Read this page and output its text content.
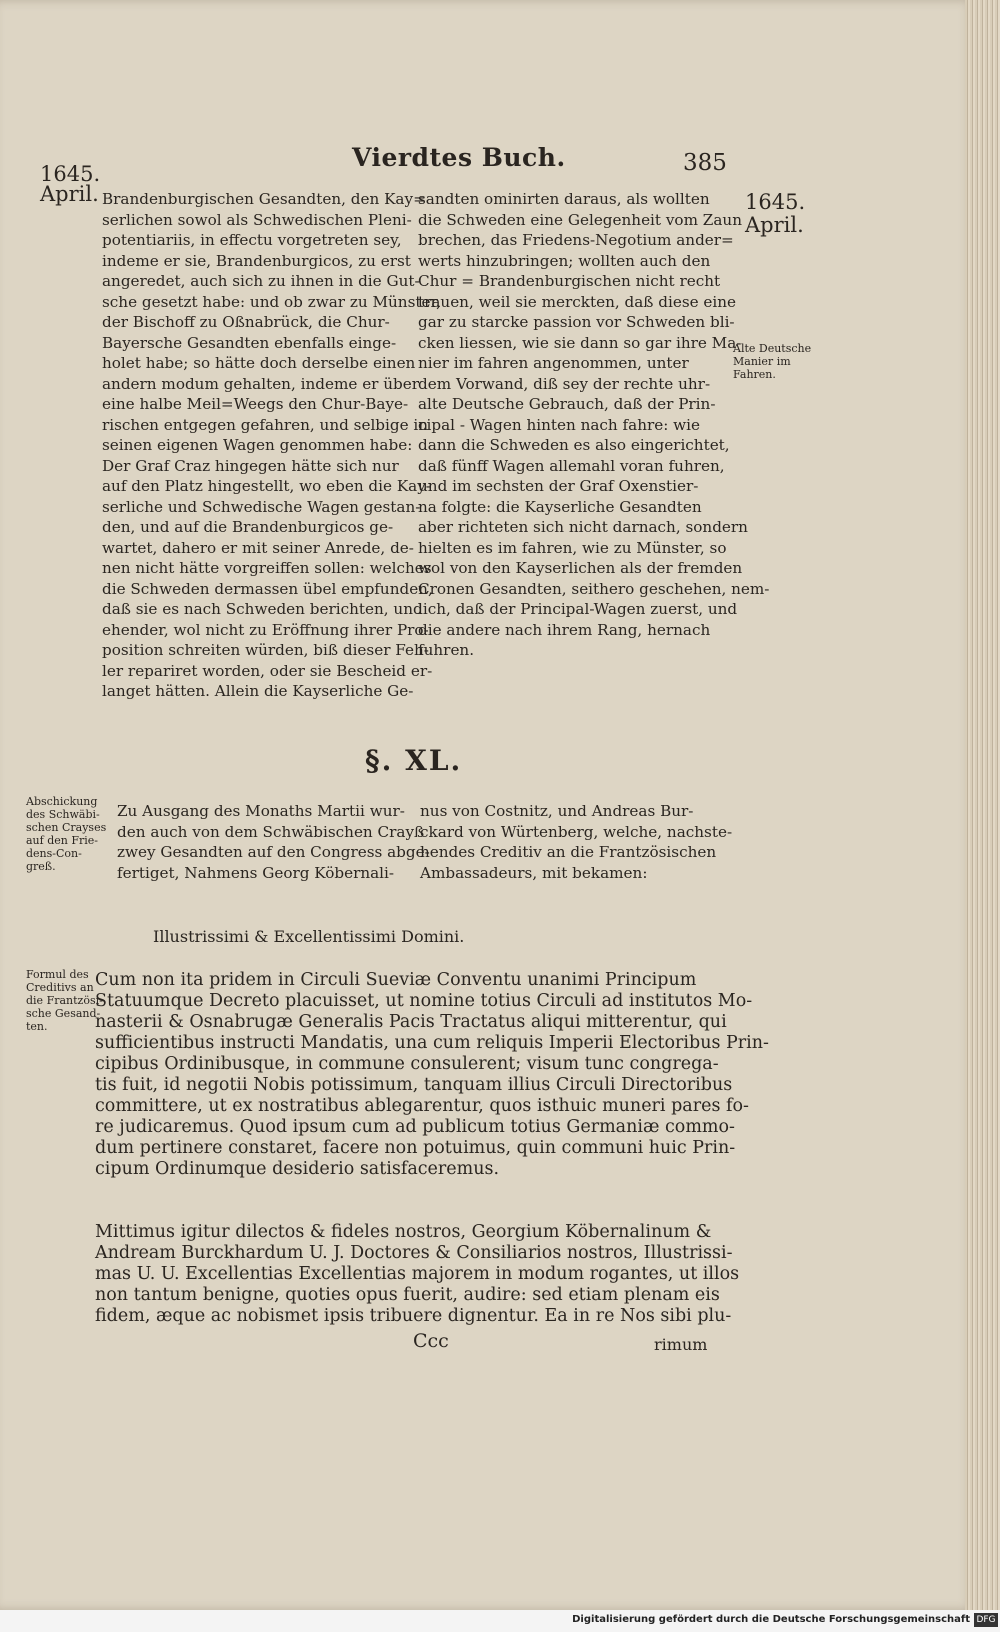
Vierdtes Buch.	385
1645.
April.	1645.
April.
Brandenburgischen Gesandten, den Kay=
serlichen sowol als Schwedischen Pleni-
potentiariis, in effectu vorgetreten sey,
indeme er sie, Brandenburgicos, zu erst
angeredet, auch sich zu ihnen in die Gut-
sche gesetzt habe: und ob zwar zu Münster,
der Bischoff zu Oßnabrück, die Chur-
Bayersche Gesandten ebenfalls einge-
holet habe; so hätte doch derselbe einen
andern modum gehalten, indeme er über
eine halbe Meil=Weegs den Chur-Baye-
rischen entgegen gefahren, und selbige in
seinen eigenen Wagen genommen habe:
Der Graf Craz hingegen hätte sich nur
auf den Platz hingestellt, wo eben die Kay-
serliche und Schwedische Wagen gestan-
den, und auf die Brandenburgicos ge-
wartet, dahero er mit seiner Anrede, de-
nen nicht hätte vorgreiffen sollen: welches
die Schweden dermassen übel empfunden,
daß sie es nach Schweden berichten, und
ehender, wol nicht zu Eröffnung ihrer Pro-
position schreiten würden, biß dieser Feh-
ler repariret worden, oder sie Bescheid er-
langet hätten. Allein die Kayserliche Ge-
sandten ominirten daraus, als wollten
die Schweden eine Gelegenheit vom Zaun
brechen, das Friedens-Negotium ander=
werts hinzubringen; wollten auch den
Chur = Brandenburgischen nicht recht
trauen, weil sie merckten, daß diese eine
gar zu starcke passion vor Schweden bli-
cken liessen, wie sie dann so gar ihre Ma-
nier im fahren angenommen, unter
dem Vorwand, diß sey der rechte uhr-
alte Deutsche Gebrauch, daß der Prin-
cipal - Wagen hinten nach fahre: wie
dann die Schweden es also eingerichtet,
daß fünff Wagen allemahl voran fuhren,
und im sechsten der Graf Oxenstier-
na folgte: die Kayserliche Gesandten
aber richteten sich nicht darnach, sondern
hielten es im fahren, wie zu Münster, so
wol von den Kayserlichen als der fremden
Cronen Gesandten, seithero geschehen, nem-
lich, daß der Principal-Wagen zuerst, und
die andere nach ihrem Rang, hernach
fuhren.
Alte Deutsche
Manier im
Fahren.
§. XL.
Abschickung
des Schwäbi-
schen Crayses
auf den Frie-
dens-Con-
greß.
Zu Ausgang des Monaths Martii wur-
den auch von dem Schwäbischen Crayß
zwey Gesandten auf den Congress abge-
fertiget, Nahmens Georg Köbernali-
nus von Costnitz, und Andreas Bur-
ckard von Würtenberg, welche, nachste-
hendes Creditiv an die Frantzösischen
Ambassadeurs, mit bekamen:
Illustrissimi & Excellentissimi Domini.
Formul des
Creditivs an
die Frantzösi-
sche Gesand-
ten.
Cum non ita pridem in Circuli Sueviæ Conventu unanimi Principum
Statuumque Decreto placuisset, ut nomine totius Circuli ad institutos Mo-
nasterii & Osnabrugæ Generalis Pacis Tractatus aliqui mitterentur, qui
sufficientibus instructi Mandatis, una cum reliquis Imperii Electoribus Prin-
cipibus Ordinibusque, in commune consulerent; visum tunc congrega-
tis fuit, id negotii Nobis potissimum, tanquam illius Circuli Directoribus
committere, ut ex nostratibus ablegarentur, quos isthuic muneri pares fo-
re judicaremus. Quod ipsum cum ad publicum totius Germaniæ commo-
dum pertinere constaret, facere non potuimus, quin communi huic Prin-
cipum Ordinumque desiderio satisfaceremus.
Mittimus igitur dilectos & fideles nostros, Georgium Köbernalinum &
Andream Burckhardum U. J. Doctores & Consiliarios nostros, Illustrissi-
mas U. U. Excellentias Excellentias majorem in modum rogantes, ut illos
non tantum benigne, quoties opus fuerit, audire: sed etiam plenam eis
fidem, æque ac nobismet ipsis tribuere dignentur. Ea in re Nos sibi plu-
Ccc	rimum
Digitalisierung gefördert durch die Deutsche Forschungsgemeinschaft DFG
